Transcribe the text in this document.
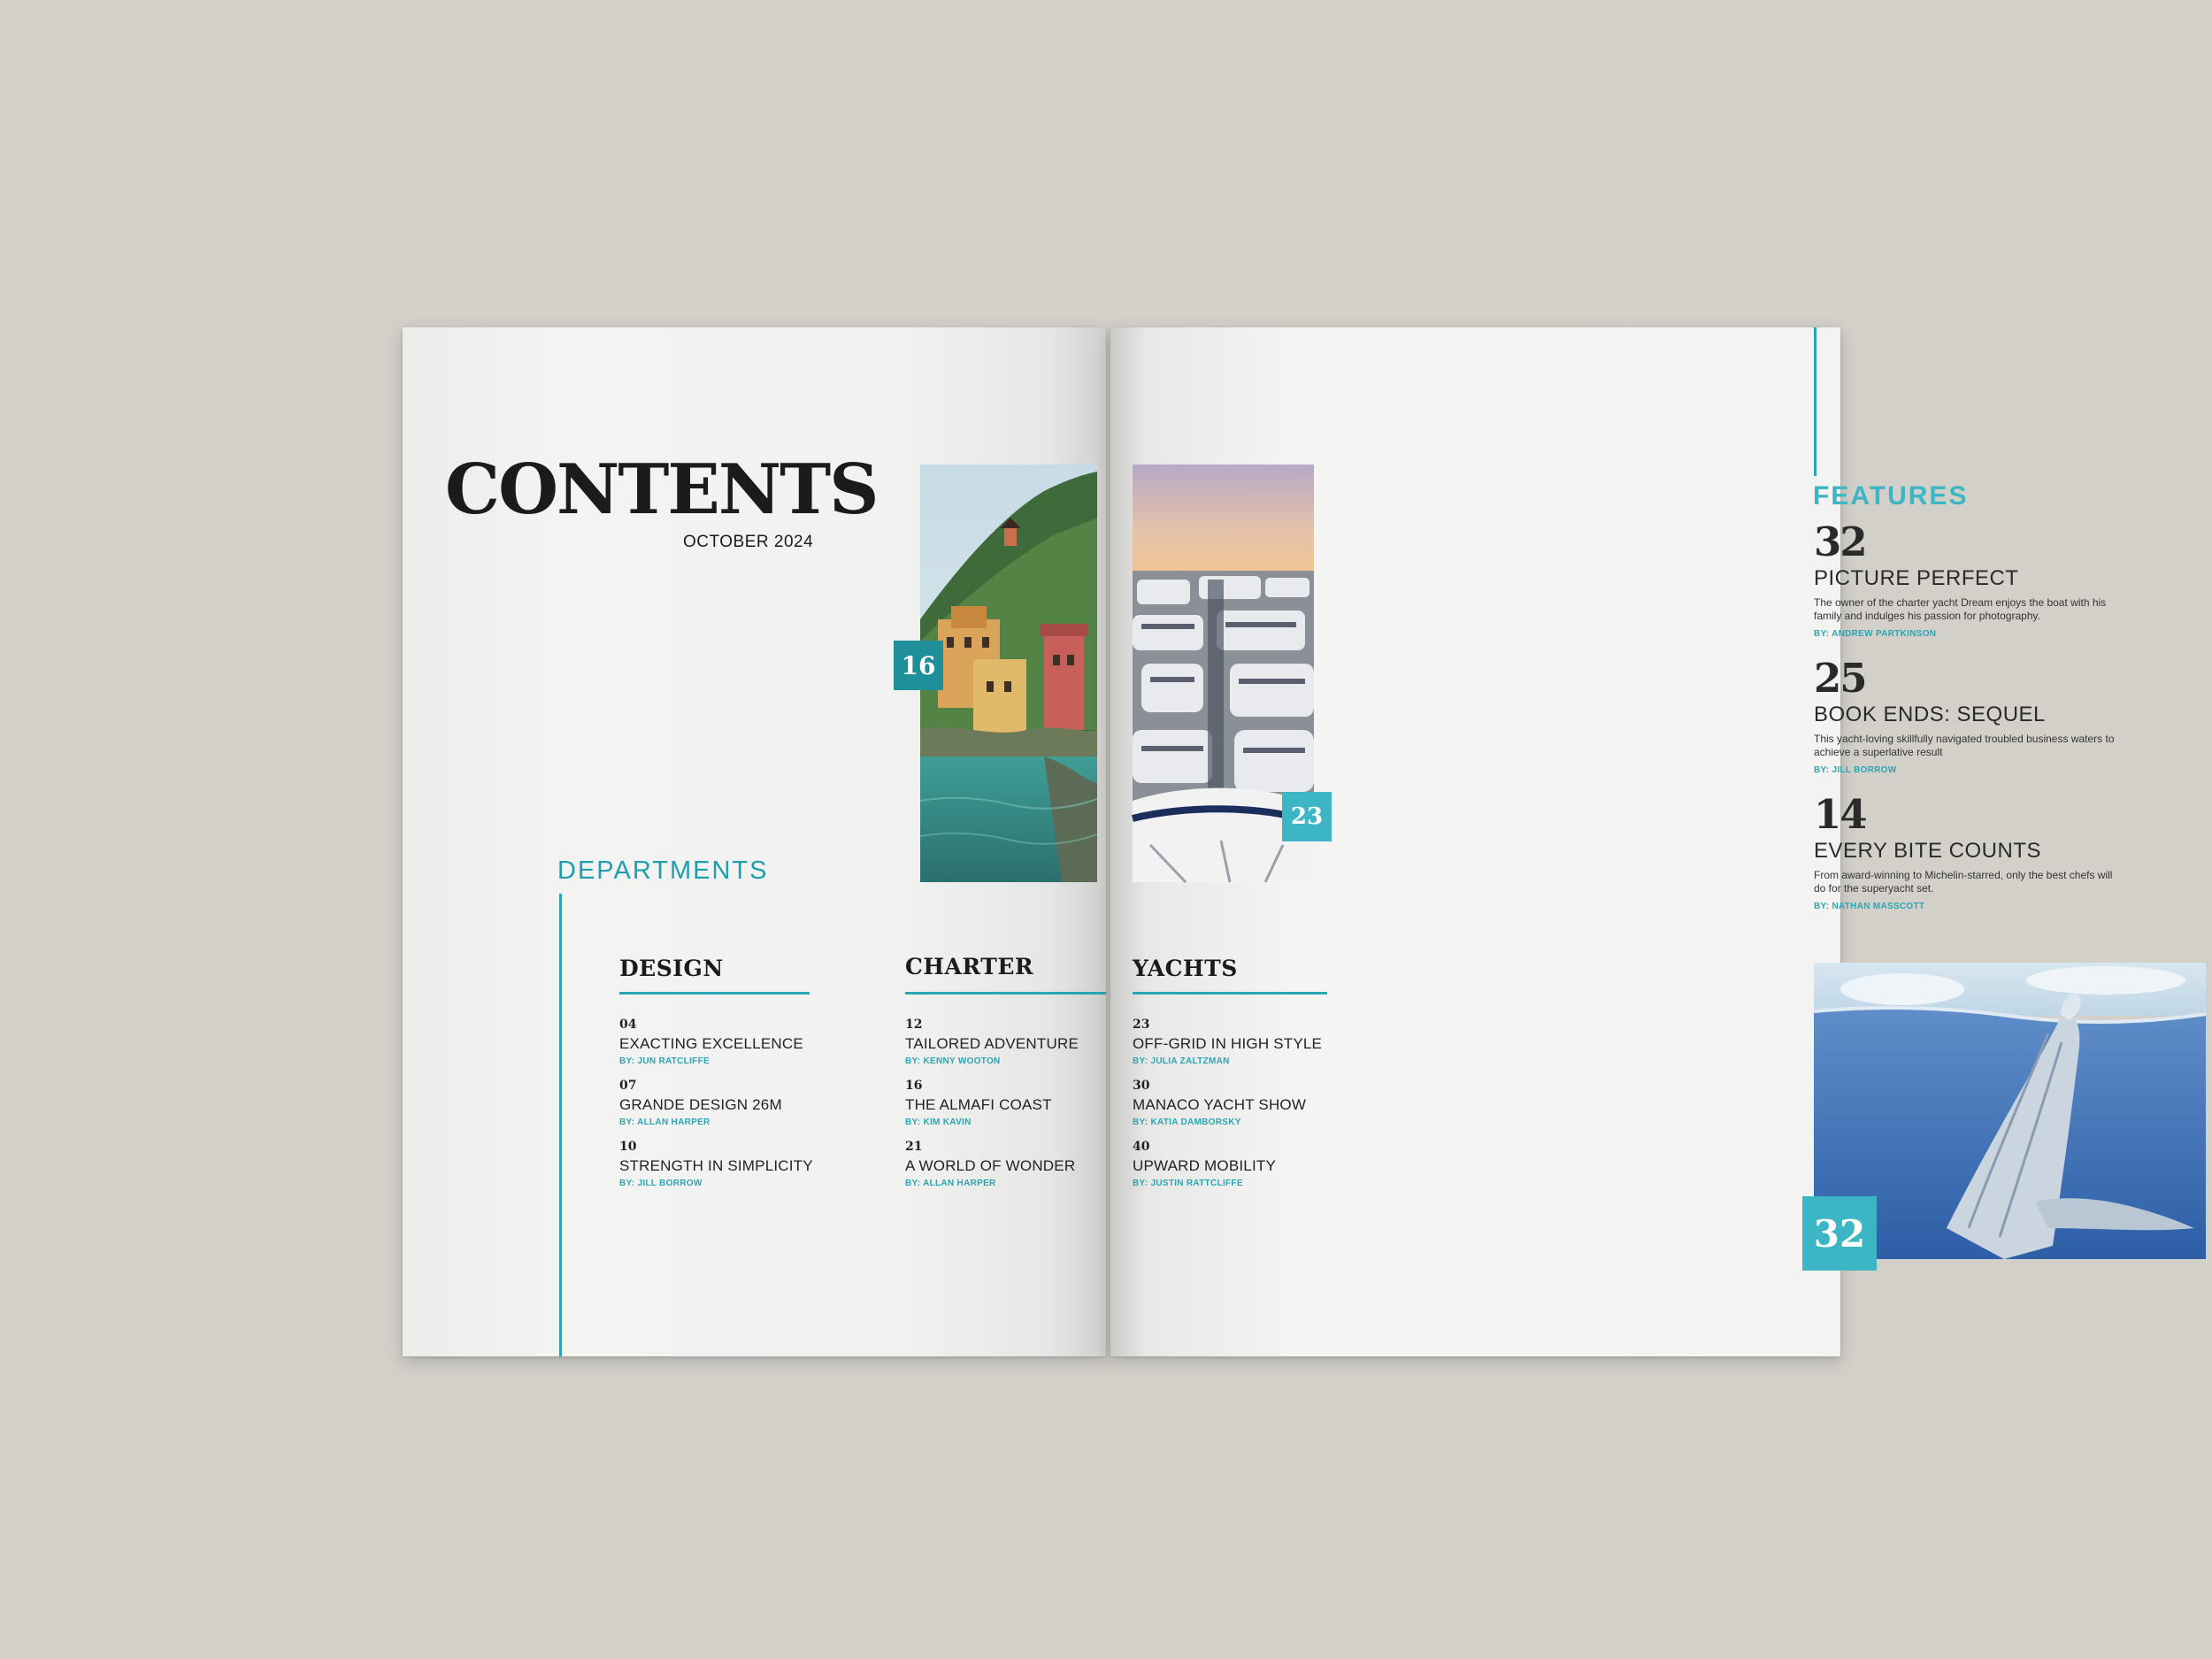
CONTENTS
OCTOBER 2024
16
DEPARTMENTS
DESIGN
04
EXACTING EXCELLENCE
BY: JUN RATCLIFFE
07
GRANDE DESIGN 26M
BY: ALLAN HARPER
10
STRENGTH IN SIMPLICITY
BY: JILL BORROW
CHARTER
12
TAILORED ADVENTURE
BY: KENNY WOOTON
16
THE ALMAFI COAST
BY: KIM KAVIN
21
A WORLD OF WONDER
BY: ALLAN HARPER
23
YACHTS
23
OFF-GRID IN HIGH STYLE
BY: JULIA ZALTZMAN
30
MANACO YACHT SHOW
BY: KATIA DAMBORSKY
40
UPWARD MOBILITY
BY: JUSTIN RATTCLIFFE
FEATURES
32
PICTURE PERFECT
The owner of the charter yacht Dream enjoys the boat with his family and indulges his passion for photography.
BY: ANDREW PARTKINSON
25
BOOK ENDS: SEQUEL
This yacht-loving skillfully navigated troubled business waters to achieve a superlative result
BY: JILL BORROW
14
EVERY BITE COUNTS
From award-winning to Michelin-starred, only the best chefs will do for the superyacht set.
BY: NATHAN MASSCOTT
32
